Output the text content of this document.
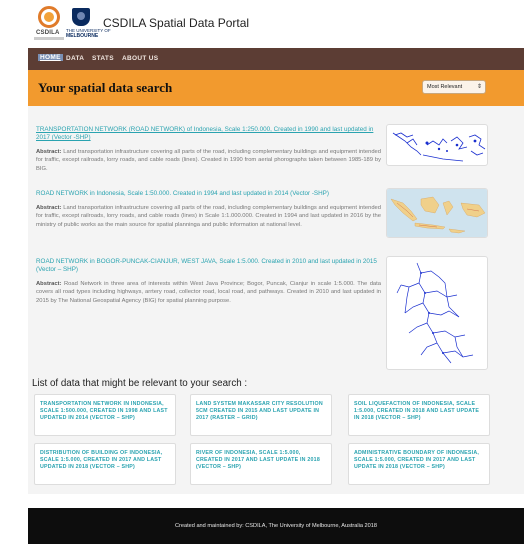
CSDILA THE UNIVERSITY OF
MELBOURNE
CSDILA Spatial Data Portal
HOME DATA STATS ABOUT US
Your spatial data search	Most Relevant ⇕
TRANSPORTATION NETWORK (ROAD NETWORK) of Indonesia, Scale 1:250.000, Created in 1990 and last updated in 2017 (Vector -SHP)
Abstract: Land transportation infrastructure covering all parts of the road, including complementary buildings and equipment intended for traffic, except railroads, lorry roads, and cable roads (lines). Created in 1990 from aerial phorographs taken between 1985-189 by BIG.
ROAD NETWORK in Indonesia, Scale 1:50.000. Created in 1994 and last updated in 2014 (Vector -SHP)
Abstract: Land transportation infrastructure covering all parts of the road, including complementary buildings and equipment intended for traffic, except railroads, lorry roads, and cable roads (lines) in Scale 1:1.000.000. Created in 1994 and last updated in 2016 by the ministry of public works as the main source for spatial planninga and public information at national level.
ROAD NETWORK in BOGOR-PUNCAK-CIANJUR, WEST JAVA, Scale 1:5.000. Created in 2010 and last updated in 2015 (Vector – SHP)
Abstract: Road Network in three area of interests within West Java Province; Bogor, Puncak, Cianjur in scale 1:5.000. The data covers all road types including highways, arrtery road, collector road, local road, and pathways. Created in 2010 and last updated in 2015 by The National Geospatial Agency (BIG) for spatial planning purpose.
List of data that might be relevant to your search :
TRANSPORTATION NETWORK IN INDONESIA, SCALE 1:500.000, CREATED IN 1998 AND LAST UPDATED IN 2014 (VECTOR – SHP)
LAND SYSTEM MAKASSAR CITY RESOLUTION 5CM CREATED IN 2015 AND LAST UPDATE IN 2017 (RASTER – GRID)
SOIL LIQUEFACTION OF INDONESIA, SCALE 1:5.000, CREATED IN 2018 AND LAST UPDATE IN 2018 (VECTOR – SHP)
DISTRIBUTION OF BUILDING OF INDONESIA, SCALE 1:5.000, CREATED IN 2017 AND LAST UPDATED IN 2018 (VECTOR – SHP)
RIVER OF INDONESIA, SCALE 1:5.000, CREATED IN 2017 AND LAST UPDATE IN 2018 (VECTOR – SHP)
ADMINISTRATIVE BOUNDARY OF INDONESIA, SCALE 1:5.000, CREATED IN 2017 AND LAST UPDATE IN 2018 (VECTOR – SHP)
Created and maintained by: CSDILA, The University of Melbourne, Australia 2018
